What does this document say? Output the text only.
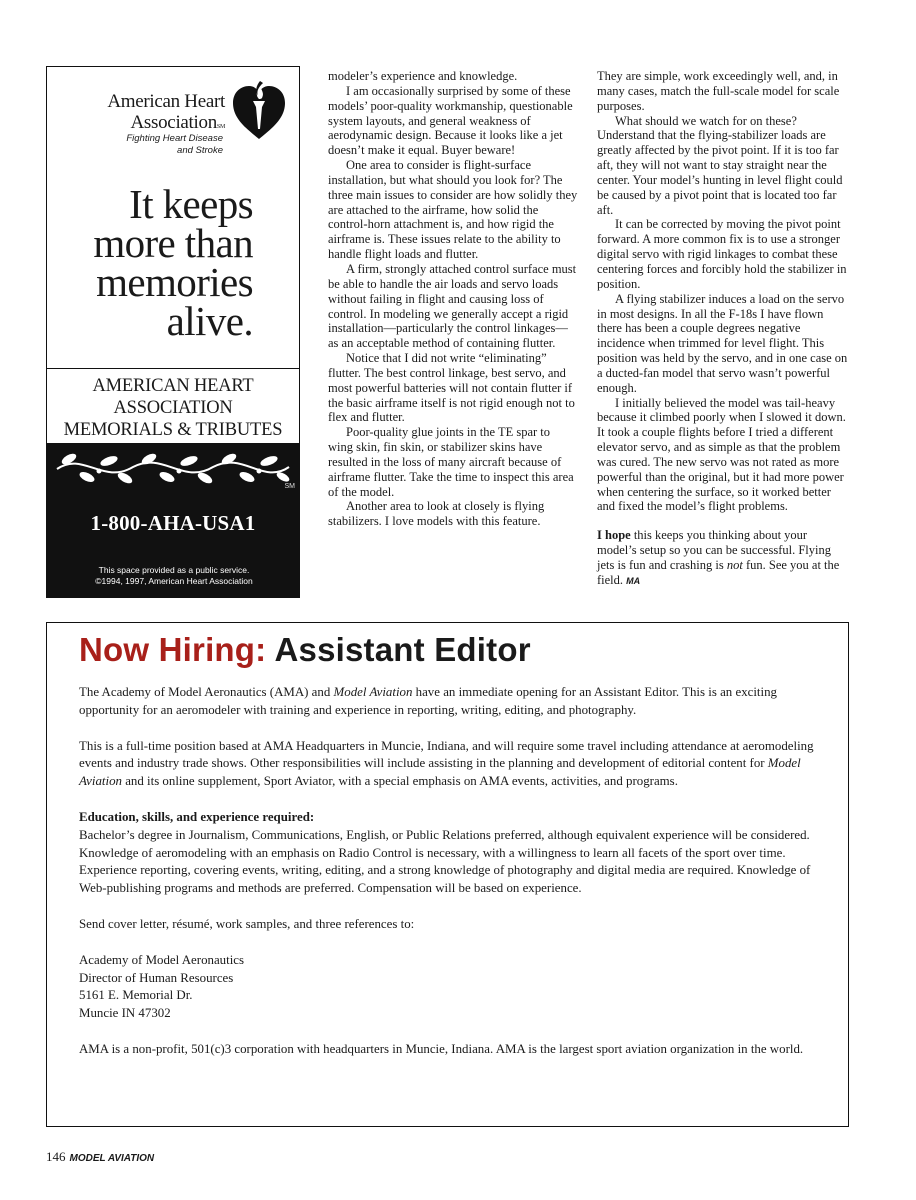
American Heart
AssociationSM
Fighting Heart Disease
and Stroke
It keeps
more than
memories
alive.
AMERICAN HEART
ASSOCIATION
MEMORIALS & TRIBUTES
SM
1-800-AHA-USA1
This space provided as a public service.
©1994, 1997, American Heart Association

modeler’s experience and knowledge.

I am occasionally surprised by some of these models’ poor-quality workmanship, questionable system layouts, and general weakness of aerodynamic design. Because it looks like a jet doesn’t make it equal. Buyer beware!

One area to consider is flight-surface installation, but what should you look for? The three main issues to consider are how solidly they are attached to the airframe, how solid the control-horn attachment is, and how rigid the airframe is. These issues relate to the ability to handle flight loads and flutter.

A firm, strongly attached control surface must be able to handle the air loads and servo loads without failing in flight and causing loss of control. In modeling we generally accept a rigid installation—particularly the control linkages—as an acceptable method of containing flutter.

Notice that I did not write “eliminating” flutter. The best control linkage, best servo, and most powerful batteries will not contain flutter if the basic airframe itself is not rigid enough not to flex and flutter.

Poor-quality glue joints in the TE spar to wing skin, fin skin, or stabilizer skins have resulted in the loss of many aircraft because of airframe flutter. Take the time to inspect this area of the model.

Another area to look at closely is flying stabilizers. I love models with this feature.

They are simple, work exceedingly well, and, in many cases, match the full-scale model for scale purposes.

What should we watch for on these? Understand that the flying-stabilizer loads are greatly affected by the pivot point. If it is too far aft, they will not want to stay straight near the center. Your model’s hunting in level flight could be caused by a pivot point that is located too far aft.

It can be corrected by moving the pivot point forward. A more common fix is to use a stronger digital servo with rigid linkages to combat these centering forces and forcibly hold the stabilizer in position.

A flying stabilizer induces a load on the servo in most designs. In all the F-18s I have flown there has been a couple degrees negative incidence when trimmed for level flight. This position was held by the servo, and in one case on a ducted-fan model that servo wasn’t powerful enough.

I initially believed the model was tail-heavy because it climbed poorly when I slowed it down. It took a couple flights before I tried a different elevator servo, and as simple as that the problem was cured. The new servo was not rated as more powerful than the original, but it had more power when centering the surface, so it worked better and fixed the model’s flight problems.

I hope this keeps you thinking about your model’s setup so you can be successful. Flying jets is fun and crashing is not fun. See you at the field. MA

Now Hiring: Assistant Editor

The Academy of Model Aeronautics (AMA) and Model Aviation have an immediate opening for an Assistant Editor. This is an exciting opportunity for an aeromodeler with training and experience in reporting, writing, editing, and photography.

This is a full-time position based at AMA Headquarters in Muncie, Indiana, and will require some travel including attendance at aeromodeling events and industry trade shows. Other responsibilities will include assisting in the planning and development of editorial content for Model Aviation and its online supplement, Sport Aviator, with a special emphasis on AMA events, activities, and programs.

Education, skills, and experience required:
Bachelor’s degree in Journalism, Communications, English, or Public Relations preferred, although equivalent experience will be considered. Knowledge of aeromodeling with an emphasis on Radio Control is necessary, with a willingness to learn all facets of the sport over time. Experience reporting, covering events, writing, editing, and a strong knowledge of photography and digital media are required. Knowledge of Web-publishing programs and methods are preferred. Compensation will be based on experience.

Send cover letter, résumé, work samples, and three references to:

Academy of Model Aeronautics
Director of Human Resources
5161 E. Memorial Dr.
Muncie IN 47302

AMA is a non-profit, 501(c)3 corporation with headquarters in Muncie, Indiana. AMA is the largest sport aviation organization in the world.

146 MODEL AVIATION
